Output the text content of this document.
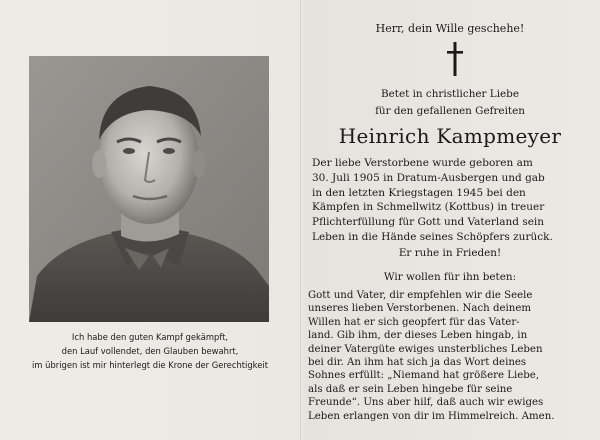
Ich habe den guten Kampf gekämpft,
den Lauf vollendet, den Glauben bewahrt,
im übrigen ist mir hinterlegt die Krone der Gerechtigkeit
Herr, dein Wille geschehe!
Betet in christlicher Liebe
für den gefallenen Gefreiten
Heinrich Kampmeyer
Der liebe Verstorbene wurde geboren am
30. Juli 1905 in Dratum-Ausbergen und gab
in den letzten Kriegstagen 1945 bei den
Kämpfen in Schmellwitz (Kottbus) in treuer
Pflichterfüllung für Gott und Vaterland sein
Leben in die Hände seines Schöpfers zurück.
Er ruhe in Frieden!
Wir wollen für ihn beten:
Gott und Vater, dir empfehlen wir die Seele
unseres lieben Verstorbenen. Nach deinem
Willen hat er sich geopfert für das Vater-
land. Gib ihm, der dieses Leben hingab, in
deiner Vatergüte ewiges unsterbliches Leben
bei dir. An ihm hat sich ja das Wort deines
Sohnes erfüllt: „Niemand hat größere Liebe,
als daß er sein Leben hingebe für seine
Freunde“. Uns aber hilf, daß auch wir ewiges
Leben erlangen von dir im Himmelreich. Amen.
